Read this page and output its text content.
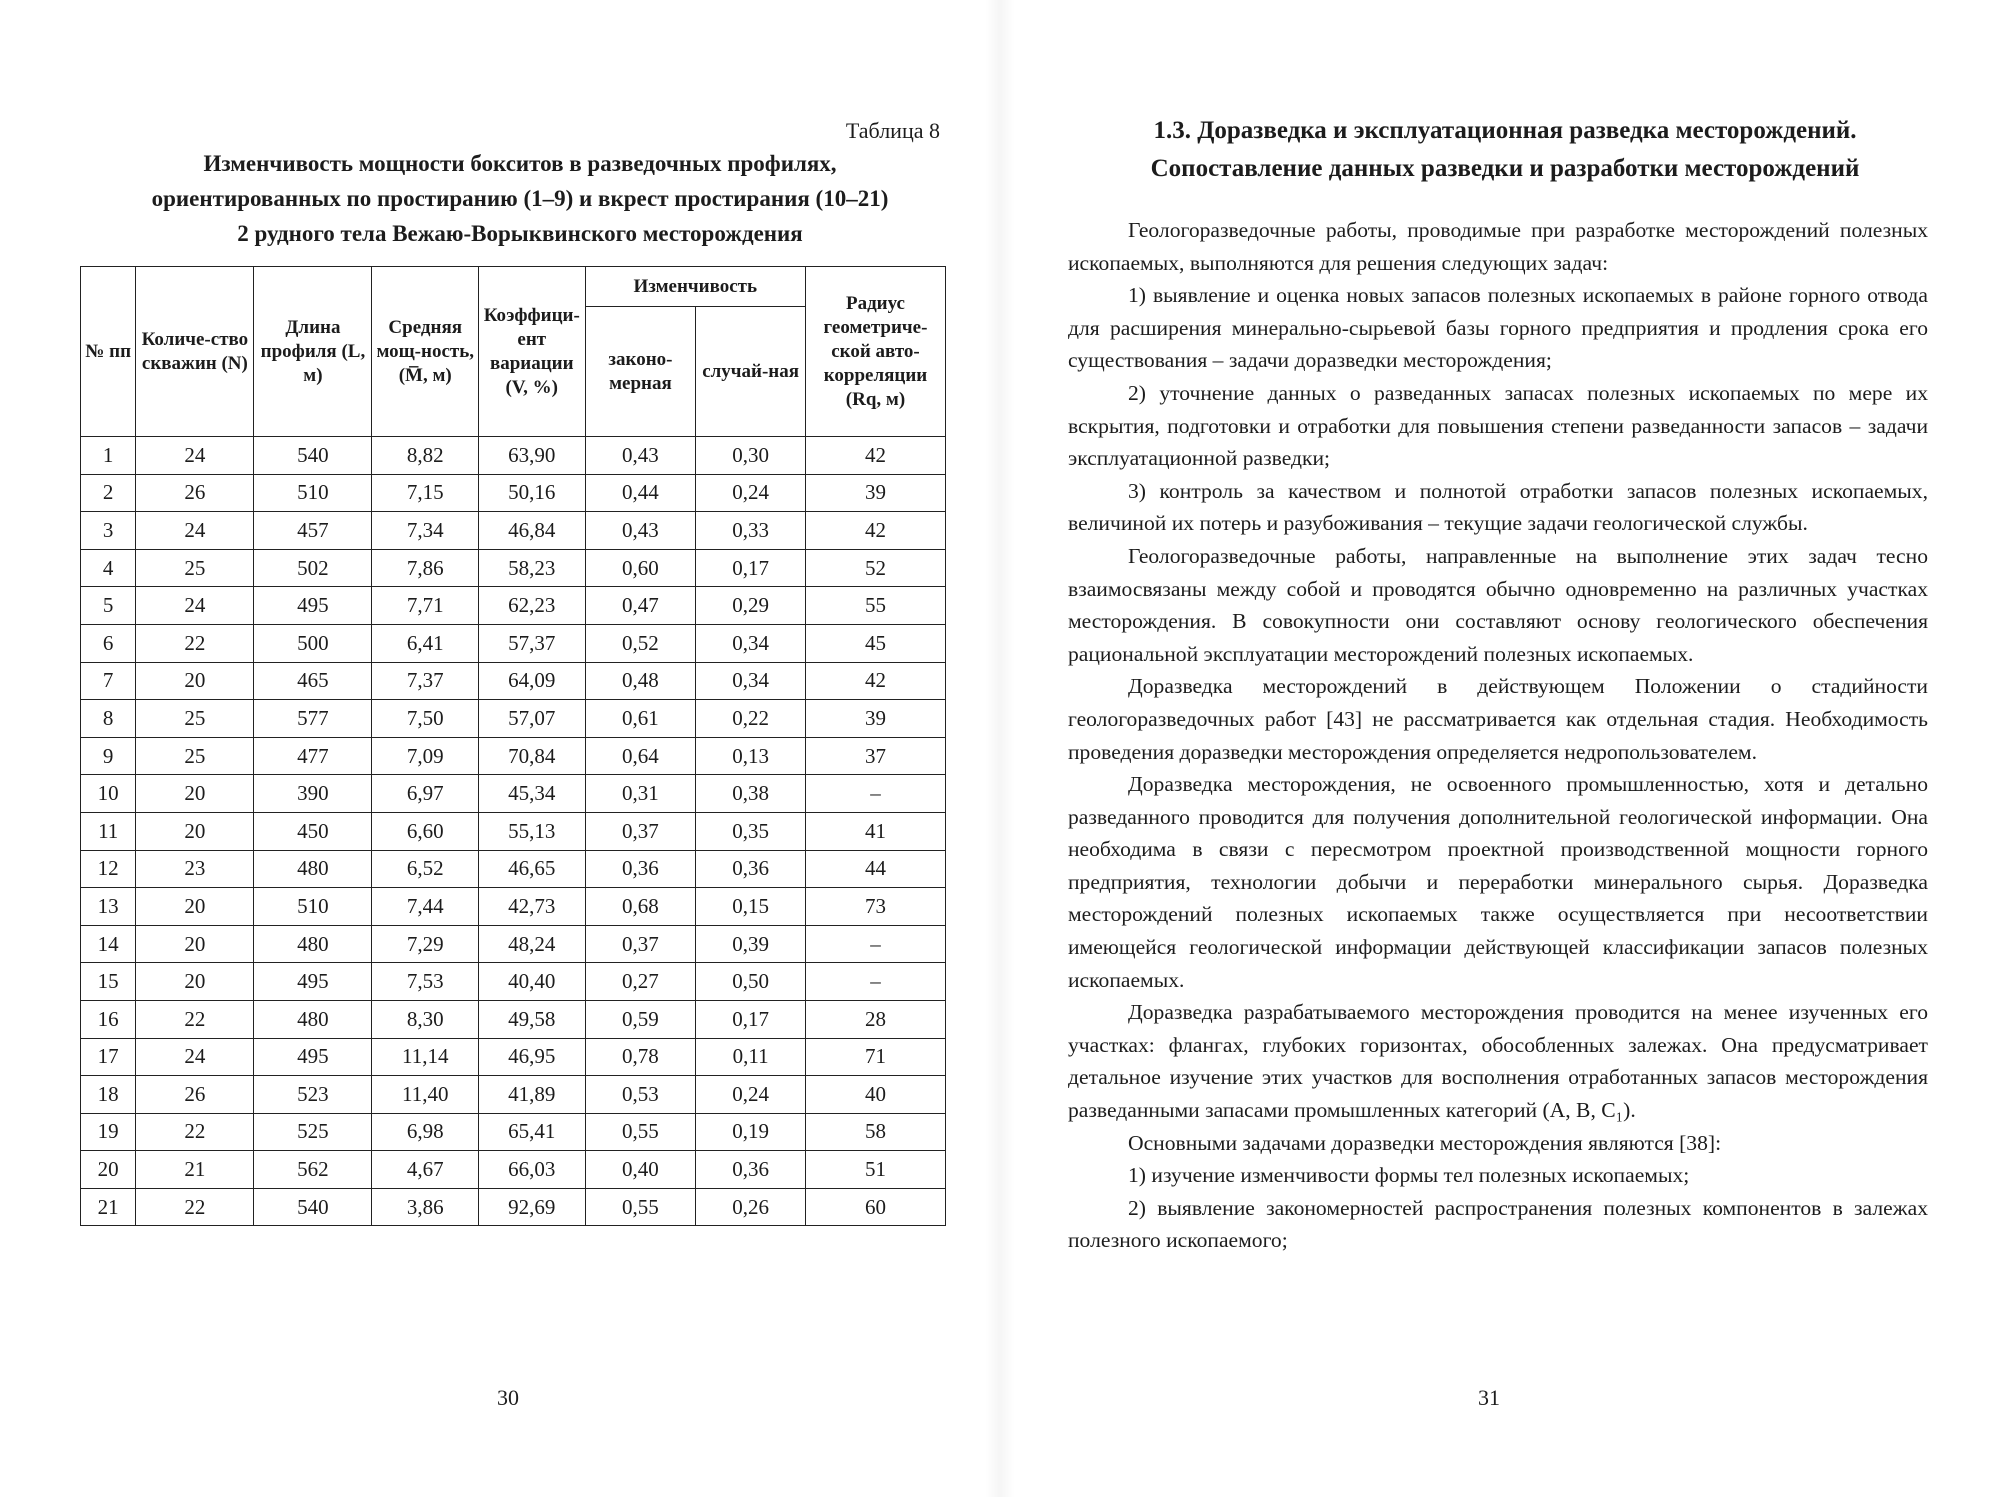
Таблица 8
Изменчивость мощности бокситов в разведочных профилях,
ориентированных по простиранию (1–9) и вкрест простирания (10–21)
2 рудного тела Вежаю-Ворыквинского месторождения
№ пп	Количе-ство скважин (N)	Длина профиля (L, м)	Средняя мощ-ность, (M̅, м)	Коэффици-ент вариации (V, %)	Изменчивость		Радиус геометриче-ской авто-корреляции (Rq, м)
					законо-мерная	случай-ная	
1	24	540	8,82	63,90	0,43	0,30	42
2	26	510	7,15	50,16	0,44	0,24	39
3	24	457	7,34	46,84	0,43	0,33	42
4	25	502	7,86	58,23	0,60	0,17	52
5	24	495	7,71	62,23	0,47	0,29	55
6	22	500	6,41	57,37	0,52	0,34	45
7	20	465	7,37	64,09	0,48	0,34	42
8	25	577	7,50	57,07	0,61	0,22	39
9	25	477	7,09	70,84	0,64	0,13	37
10	20	390	6,97	45,34	0,31	0,38	–
11	20	450	6,60	55,13	0,37	0,35	41
12	23	480	6,52	46,65	0,36	0,36	44
13	20	510	7,44	42,73	0,68	0,15	73
14	20	480	7,29	48,24	0,37	0,39	–
15	20	495	7,53	40,40	0,27	0,50	–
16	22	480	8,30	49,58	0,59	0,17	28
17	24	495	11,14	46,95	0,78	0,11	71
18	26	523	11,40	41,89	0,53	0,24	40
19	22	525	6,98	65,41	0,55	0,19	58
20	21	562	4,67	66,03	0,40	0,36	51
21	22	540	3,86	92,69	0,55	0,26	60
30
1.3. Доразведка и эксплуатационная разведка месторождений.
Сопоставление данных разведки и разработки месторождений

Геологоразведочные работы, проводимые при разработке месторождений полезных ископаемых, выполняются для решения следующих задач:

1) выявление и оценка новых запасов полезных ископаемых в районе горного отвода для расширения минерально-сырьевой базы горного предприятия и продления срока его существования – задачи доразведки месторождения;

2) уточнение данных о разведанных запасах полезных ископаемых по мере их вскрытия, подготовки и отработки для повышения степени разведанности запасов – задачи эксплуатационной разведки;

3) контроль за качеством и полнотой отработки запасов полезных ископаемых, величиной их потерь и разубоживания – текущие задачи геологической службы.

Геологоразведочные работы, направленные на выполнение этих задач тесно взаимосвязаны между собой и проводятся обычно одновременно на различных участках месторождения. В совокупности они составляют основу геологического обеспечения рациональной эксплуатации месторождений полезных ископаемых.

Доразведка месторождений в действующем Положении о стадийности геологоразведочных работ [43] не рассматривается как отдельная стадия. Необходимость проведения доразведки месторождения определяется недропользователем.

Доразведка месторождения, не освоенного промышленностью, хотя и детально разведанного проводится для получения дополнительной геологической информации. Она необходима в связи с пересмотром проектной производственной мощности горного предприятия, технологии добычи и переработки минерального сырья. Доразведка месторождений полезных ископаемых также осуществляется при несоответствии имеющейся геологической информации действующей классификации запасов полезных ископаемых.

Доразведка разрабатываемого месторождения проводится на менее изученных его участках: флангах, глубоких горизонтах, обособленных залежах. Она предусматривает детальное изучение этих участков для восполнения отработанных запасов месторождения разведанными запасами промышленных категорий (A, B, C₁).

Основными задачами доразведки месторождения являются [38]:

1) изучение изменчивости формы тел полезных ископаемых;

2) выявление закономерностей распространения полезных компонентов в залежах полезного ископаемого;

31
